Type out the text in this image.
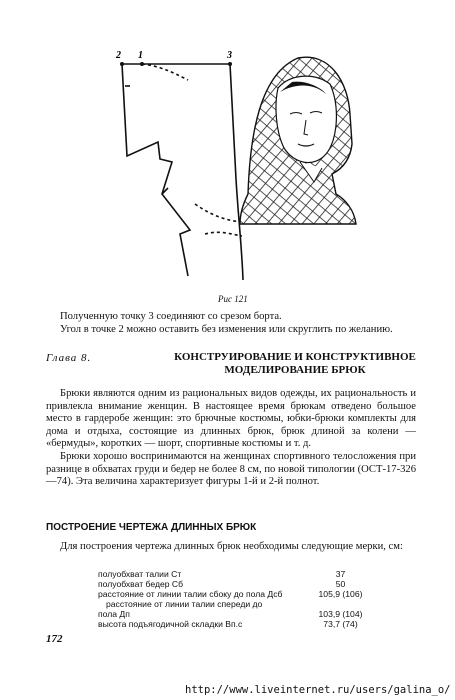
2 1	3
Рис 121
Полученную точку 3 соединяют со срезом борта.
Угол в точке 2 можно оставить без изменения или скруглить по желанию.
Глава 8.	КОНСТРУИРОВАНИЕ И КОНСТРУКТИВНОЕ МОДЕЛИРОВАНИЕ БРЮК

Брюки являются одним из рациональных видов одежды, их рациональность и привлекла внимание женщин. В настоящее время брюкам отведено большое место в гардеробе женщин: это брючные костюмы, юбки-брюки комплекты для дома и отдыха, состоящие из длинных брюк, брюк длиной за колени — «бермуды», коротких — шорт, спортивные костюмы и т. д.

Брюки хорошо воспринимаются на женщинах спортивного телосложения при разнице в обхватах груди и бедер не более 8 см, по новой типологии (ОСТ-17-326—74). Эта величина характеризует фигуры 1-й и 2-й полнот.

ПОСТРОЕНИЕ ЧЕРТЕЖА ДЛИННЫХ БРЮК
Для построения чертежа длинных брюк необходимы следующие мерки, см:
полуобхват талии Ст	37
полуобхват бедер Сб	50
расстояние от линии талии сбоку до пола Дсб	105,9 (106)
расстояние от линии талии спереди до
пола Дп	103,9 (104)
высота подъягодичной складки Вп.с	73,7 (74)
172
http://www.liveinternet.ru/users/galina_o/
